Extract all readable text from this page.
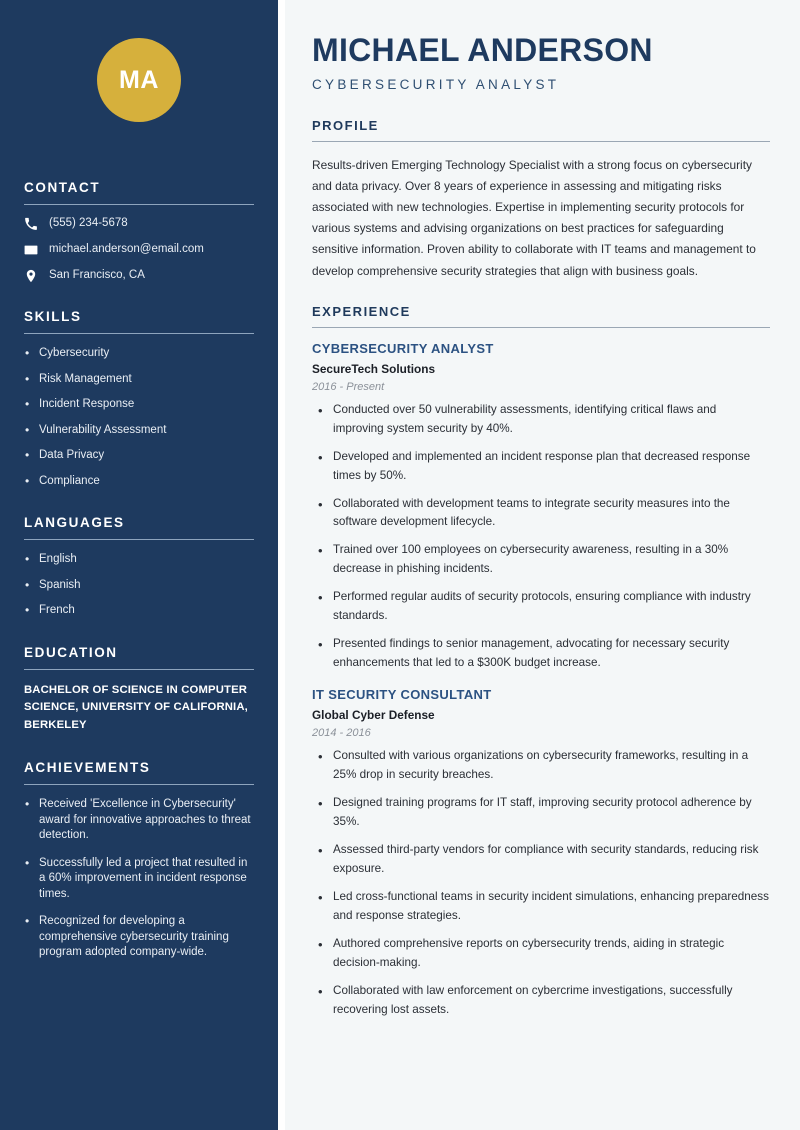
MA
CONTACT
(555) 234-5678
michael.anderson@email.com
San Francisco, CA
SKILLS
• Cybersecurity
• Risk Management
• Incident Response
• Vulnerability Assessment
• Data Privacy
• Compliance
LANGUAGES
• English
• Spanish
• French
EDUCATION
BACHELOR OF SCIENCE IN COMPUTER SCIENCE, UNIVERSITY OF CALIFORNIA, BERKELEY
ACHIEVEMENTS
• Received 'Excellence in Cybersecurity' award for innovative approaches to threat detection.
• Successfully led a project that resulted in a 60% improvement in incident response times.
• Recognized for developing a comprehensive cybersecurity training program adopted company-wide.
MICHAEL ANDERSON
CYBERSECURITY ANALYST
PROFILE

Results-driven Emerging Technology Specialist with a strong focus on cybersecurity and data privacy. Over 8 years of experience in assessing and mitigating risks associated with new technologies. Expertise in implementing security protocols for various systems and advising organizations on best practices for safeguarding sensitive information. Proven ability to collaborate with IT teams and management to develop comprehensive security strategies that align with business goals.

EXPERIENCE
CYBERSECURITY ANALYST
SecureTech Solutions
2016 - Present
• Conducted over 50 vulnerability assessments, identifying critical flaws and improving system security by 40%.
• Developed and implemented an incident response plan that decreased response times by 50%.
• Collaborated with development teams to integrate security measures into the software development lifecycle.
• Trained over 100 employees on cybersecurity awareness, resulting in a 30% decrease in phishing incidents.
• Performed regular audits of security protocols, ensuring compliance with industry standards.
• Presented findings to senior management, advocating for necessary security enhancements that led to a $300K budget increase.
IT SECURITY CONSULTANT
Global Cyber Defense
2014 - 2016
• Consulted with various organizations on cybersecurity frameworks, resulting in a 25% drop in security breaches.
• Designed training programs for IT staff, improving security protocol adherence by 35%.
• Assessed third-party vendors for compliance with security standards, reducing risk exposure.
• Led cross-functional teams in security incident simulations, enhancing preparedness and response strategies.
• Authored comprehensive reports on cybersecurity trends, aiding in strategic decision-making.
• Collaborated with law enforcement on cybercrime investigations, successfully recovering lost assets.
